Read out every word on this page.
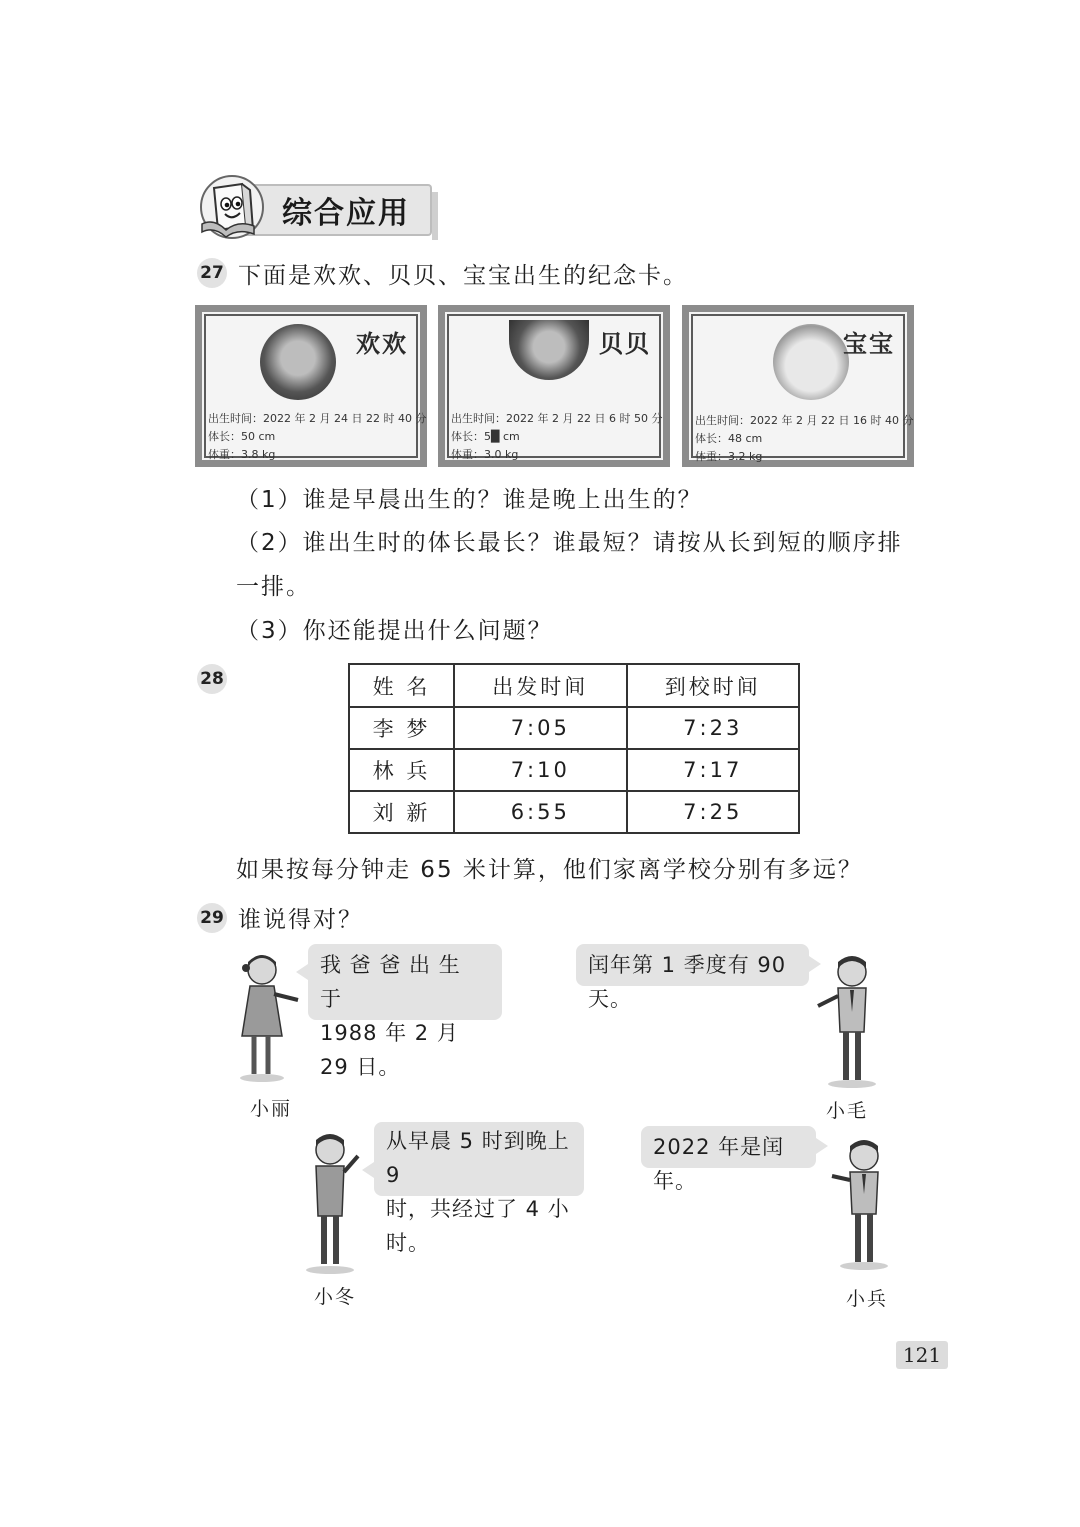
综合应用
27 下面是欢欢、贝贝、宝宝出生的纪念卡。
欢欢
出生时间：2022 年 2 月 24 日 22 时 40 分
体长：50 cm
体重：3.8 kg
贝贝
出生时间：2022 年 2 月 22 日 6 时 50 分
体长：5█ cm
体重：3.0 kg
宝宝
出生时间：2022 年 2 月 22 日 16 时 40 分
体长：48 cm
体重：3.2 kg
（1）谁是早晨出生的？谁是晚上出生的？
（2）谁出生时的体长最长？谁最短？请按从长到短的顺序排
一排。
（3）你还能提出什么问题？
28	姓 名	出发时间	到校时间
李 梦	7:05	7:23
林 兵	7:10	7:17
刘 新	6:55	7:25
如果按每分钟走 65 米计算，他们家离学校分别有多远？
29 谁说得对？
我 爸 爸 出 生 于
1988 年 2 月 29 日。
小丽
闰年第 1 季度有 90 天。
小毛
从早晨 5 时到晚上 9
时，共经过了 4 小时。
小冬
2022 年是闰年。
小兵
121
